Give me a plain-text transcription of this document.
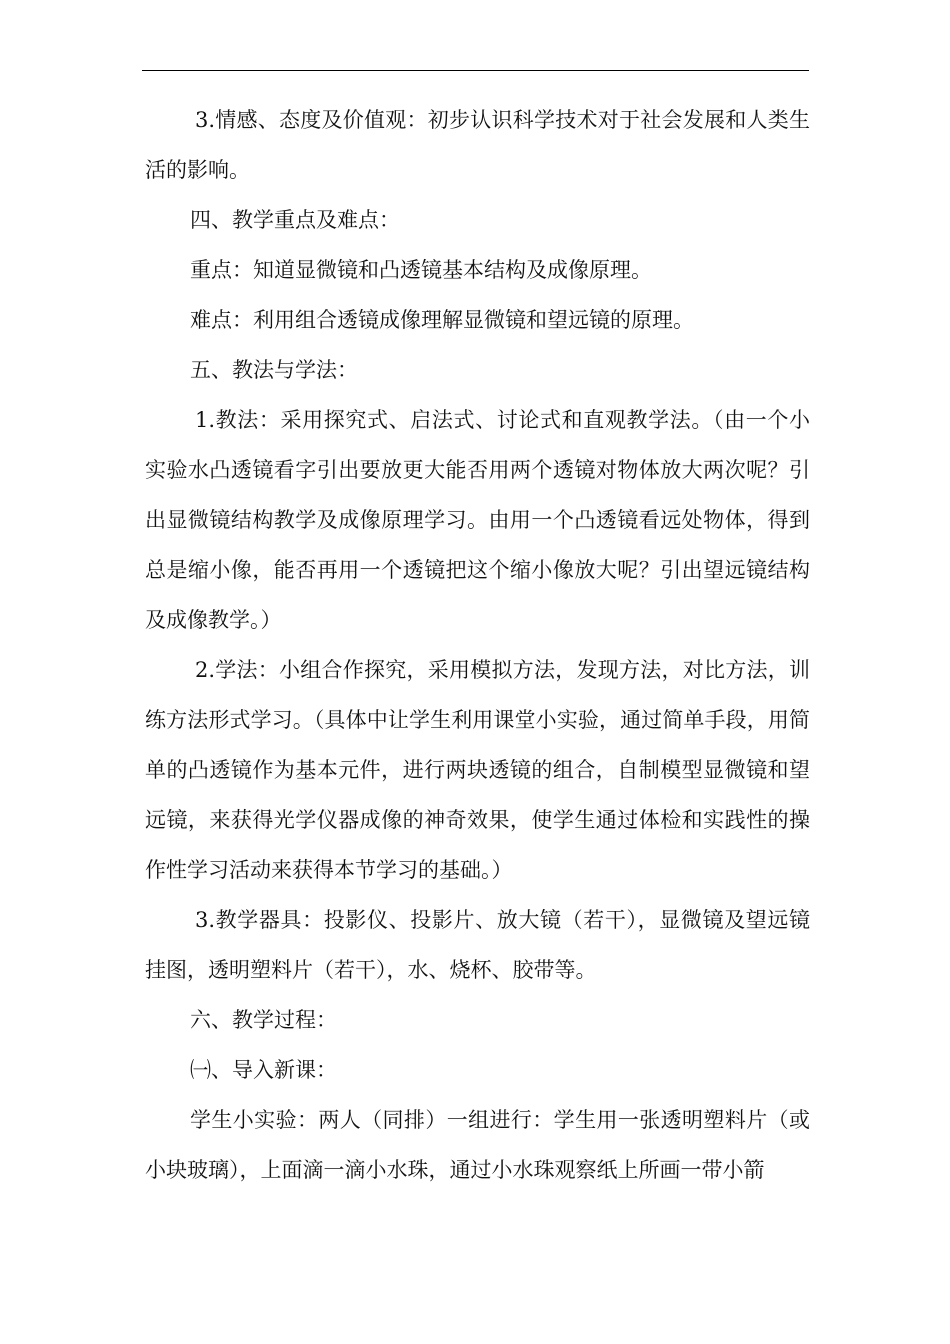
3.情感、态度及价值观：初步认识科学技术对于社会发展和人类生活的影响。

四、教学重点及难点：

重点：知道显微镜和凸透镜基本结构及成像原理。

难点：利用组合透镜成像理解显微镜和望远镜的原理。

五、教法与学法：

1.教法：采用探究式、启法式、讨论式和直观教学法。（由一个小实验水凸透镜看字引出要放更大能否用两个透镜对物体放大两次呢？引出显微镜结构教学及成像原理学习。由用一个凸透镜看远处物体，得到总是缩小像，能否再用一个透镜把这个缩小像放大呢？引出望远镜结构及成像教学。）

2.学法：小组合作探究，采用模拟方法，发现方法，对比方法，训练方法形式学习。（具体中让学生利用课堂小实验，通过简单手段，用简单的凸透镜作为基本元件，进行两块透镜的组合，自制模型显微镜和望远镜，来获得光学仪器成像的神奇效果，使学生通过体检和实践性的操作性学习活动来获得本节学习的基础。）

3.教学器具：投影仪、投影片、放大镜（若干），显微镜及望远镜挂图，透明塑料片（若干），水、烧杯、胶带等。

六、教学过程：

㈠、导入新课：

学生小实验：两人（同排）一组进行：学生用一张透明塑料片（或小块玻璃），上面滴一滴小水珠，通过小水珠观察纸上所画一带小箭
